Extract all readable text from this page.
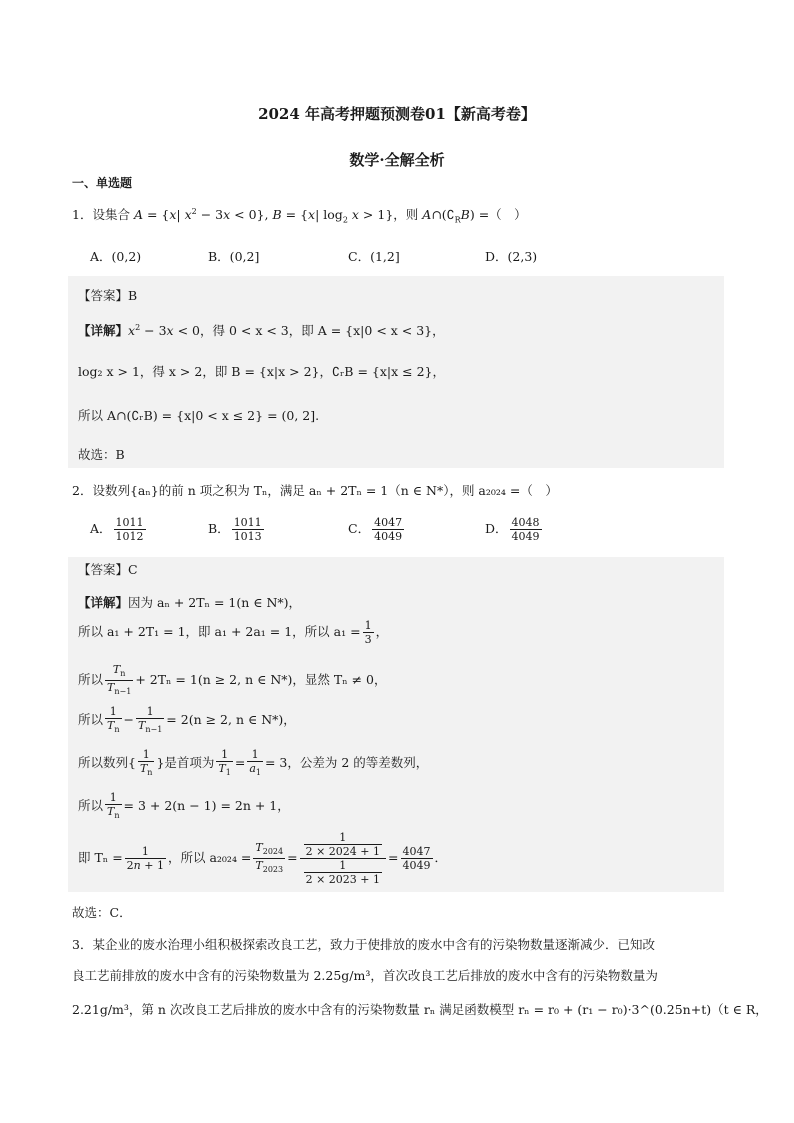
2024 年高考押题预测卷01【新高考卷】
数学·全解全析
一、单选题
1．设集合 A = {x| $x^2 - 3x < 0$}, B = {x| $\log_2 x > 1$}，则 $A\cap(∁_RB)$ =（　）
A．(0,2)	B．(0,2]	C．(1,2]	D．(2,3)
【答案】B
【详解】$x^2 - 3x < 0$，得 0 < x < 3，即 A = {x|0 < x < 3}，
log₂ x > 1，得 x > 2，即 B = {x|x > 2}，∁ᵣB = {x|x ≤ 2}，
所以 A∩(∁ᵣB) = {x|0 < x ≤ 2} = (0, 2].
故选：B
2．设数列{aₙ}的前 n 项之积为 Tₙ，满足 aₙ + 2Tₙ = 1（n ∈ N*），则 a₂₀₂₄ =（　）
A． $\frac{1011}{1012}$	B． $\frac{1011}{1013}$	C． $\frac{4047}{4049}$	D． $\frac{4048}{4049}$
【答案】C
【详解】因为 aₙ + 2Tₙ = 1(n ∈ N*)，
所以 a₁ + 2T₁ = 1，即 a₁ + 2a₁ = 1，所以 $a_1 = \frac{1}{3}$ ，
所以 $\frac{T_n}{T_{n-1}} + 2T_n = 1(n \ge 2$, n ∈ N*)，显然 Tₙ ≠ 0，
所以 $\frac{1}{T_n} - \frac{1}{T_{n-1}} = 2(n \ge 2$, n ∈ N*)，
所以数列{ $\frac{1}{T_n}$ }是首项为 $\frac{1}{T_1} = \frac{1}{a_1} = 3$，公差为 2 的等差数列，
所以 $\frac{1}{T_n} = 3 + 2(n - 1) = 2n + 1$，
即 $T_n = \frac{1}{2n + 1}$ ，所以 $a_{2024} = \frac{T_{2024}}{T_{2023}} = \frac{\frac{1}{2 \times 2024 + 1}}{\frac{1}{2 \times 2023 + 1}} = \frac{4047}{4049}$ ．
故选：C．
3．某企业的废水治理小组积极探索改良工艺，致力于使排放的废水中含有的污染物数量逐渐减少．已知改
良工艺前排放的废水中含有的污染物数量为 2.25g/m³，首次改良工艺后排放的废水中含有的污染物数量为
2.21g/m³，第 n 次改良工艺后排放的废水中含有的污染物数量 rₙ 满足函数模型 rₙ = r₀ + (r₁ − r₀)·3^(0.25n+t)（t ∈ R，
